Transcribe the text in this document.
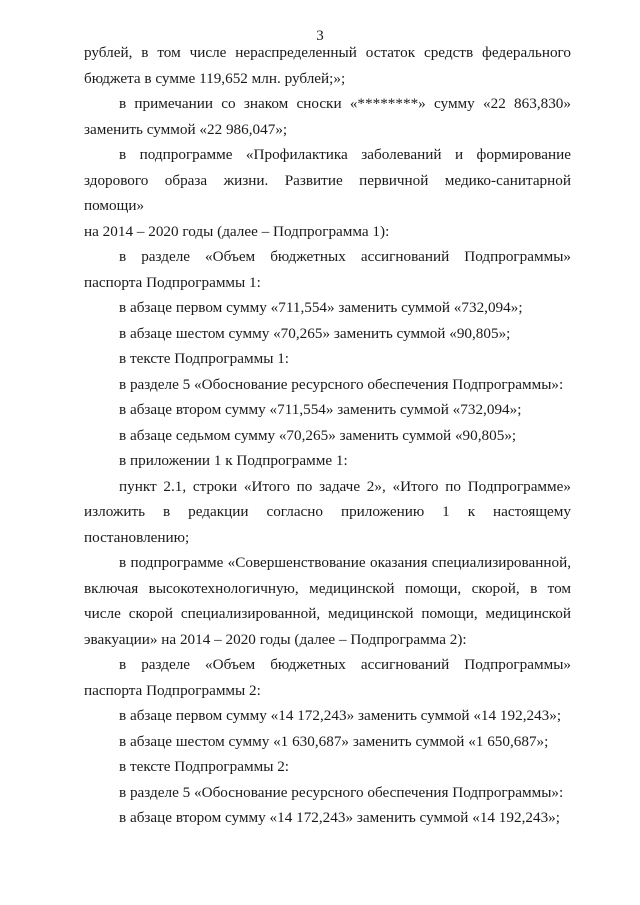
3
рублей, в том числе нераспределенный остаток средств федерального
бюджета в сумме 119,652 млн. рублей;»;
в примечании со знаком сноски «********» сумму «22 863,830»
заменить суммой «22 986,047»;
в подпрограмме «Профилактика заболеваний и формирование
здорового образа жизни. Развитие первичной медико-санитарной помощи»
на 2014 – 2020 годы (далее – Подпрограмма 1):
в разделе «Объем бюджетных ассигнований Подпрограммы»
паспорта Подпрограммы 1:
в абзаце первом сумму «711,554» заменить суммой «732,094»;
в абзаце шестом сумму «70,265» заменить суммой «90,805»;
в тексте Подпрограммы 1:
в разделе 5 «Обоснование ресурсного обеспечения Подпрограммы»:
в абзаце втором сумму «711,554» заменить суммой «732,094»;
в абзаце седьмом сумму «70,265» заменить суммой «90,805»;
в приложении 1 к Подпрограмме 1:
пункт 2.1, строки «Итого по задаче 2», «Итого по Подпрограмме»
изложить в редакции согласно приложению 1 к настоящему
постановлению;
в подпрограмме «Совершенствование оказания специализированной,
включая высокотехнологичную, медицинской помощи, скорой, в том
числе скорой специализированной, медицинской помощи, медицинской
эвакуации» на 2014 – 2020 годы (далее – Подпрограмма 2):
в разделе «Объем бюджетных ассигнований Подпрограммы»
паспорта Подпрограммы 2:
в абзаце первом сумму «14 172,243» заменить суммой «14 192,243»;
в абзаце шестом сумму «1 630,687» заменить суммой «1 650,687»;
в тексте Подпрограммы 2:
в разделе 5 «Обоснование ресурсного обеспечения Подпрограммы»:
в абзаце втором сумму «14 172,243» заменить суммой «14 192,243»;
